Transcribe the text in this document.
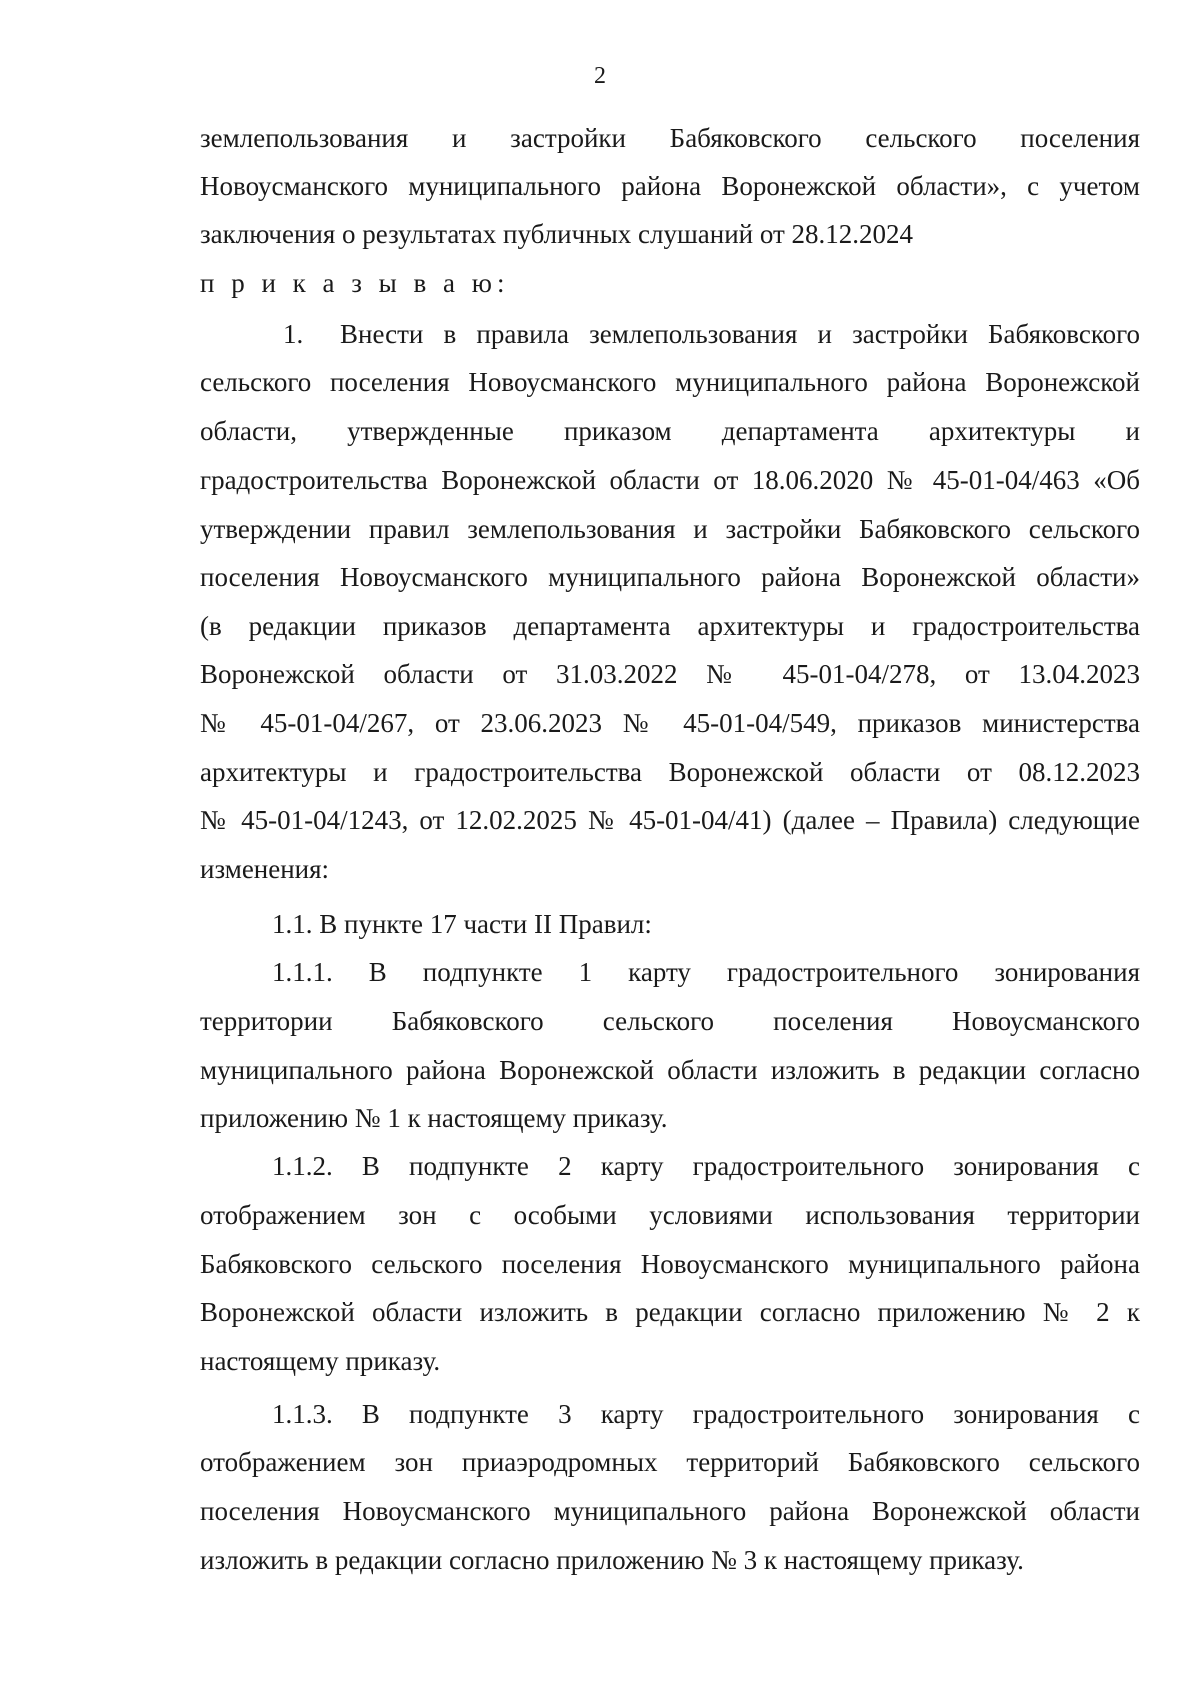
2
землепользования и застройки Бабяковского сельского поселения
Новоусманского муниципального района Воронежской области», с учетом
заключения о результатах публичных слушаний от 28.12.2024
п р и к а з ы в а ю:
1. Внести в правила землепользования и застройки Бабяковского
сельского поселения Новоусманского муниципального района Воронежской
области, утвержденные приказом департамента архитектуры и
градостроительства Воронежской области от 18.06.2020 № 45-01-04/463 «Об
утверждении правил землепользования и застройки Бабяковского сельского
поселения Новоусманского муниципального района Воронежской области»
(в редакции приказов департамента архитектуры и градостроительства
Воронежской области от 31.03.2022 № 45-01-04/278, от 13.04.2023
№ 45-01-04/267, от 23.06.2023 № 45-01-04/549, приказов министерства
архитектуры и градостроительства Воронежской области от 08.12.2023
№ 45-01-04/1243, от 12.02.2025 № 45-01-04/41) (далее – Правила) следующие
изменения:
1.1. В пункте 17 части II Правил:
1.1.1. В подпункте 1 карту градостроительного зонирования
территории Бабяковского сельского поселения Новоусманского
муниципального района Воронежской области изложить в редакции согласно
приложению № 1 к настоящему приказу.
1.1.2. В подпункте 2 карту градостроительного зонирования с
отображением зон с особыми условиями использования территории
Бабяковского сельского поселения Новоусманского муниципального района
Воронежской области изложить в редакции согласно приложению № 2 к
настоящему приказу.
1.1.3. В подпункте 3 карту градостроительного зонирования с
отображением зон приаэродромных территорий Бабяковского сельского
поселения Новоусманского муниципального района Воронежской области
изложить в редакции согласно приложению № 3 к настоящему приказу.
